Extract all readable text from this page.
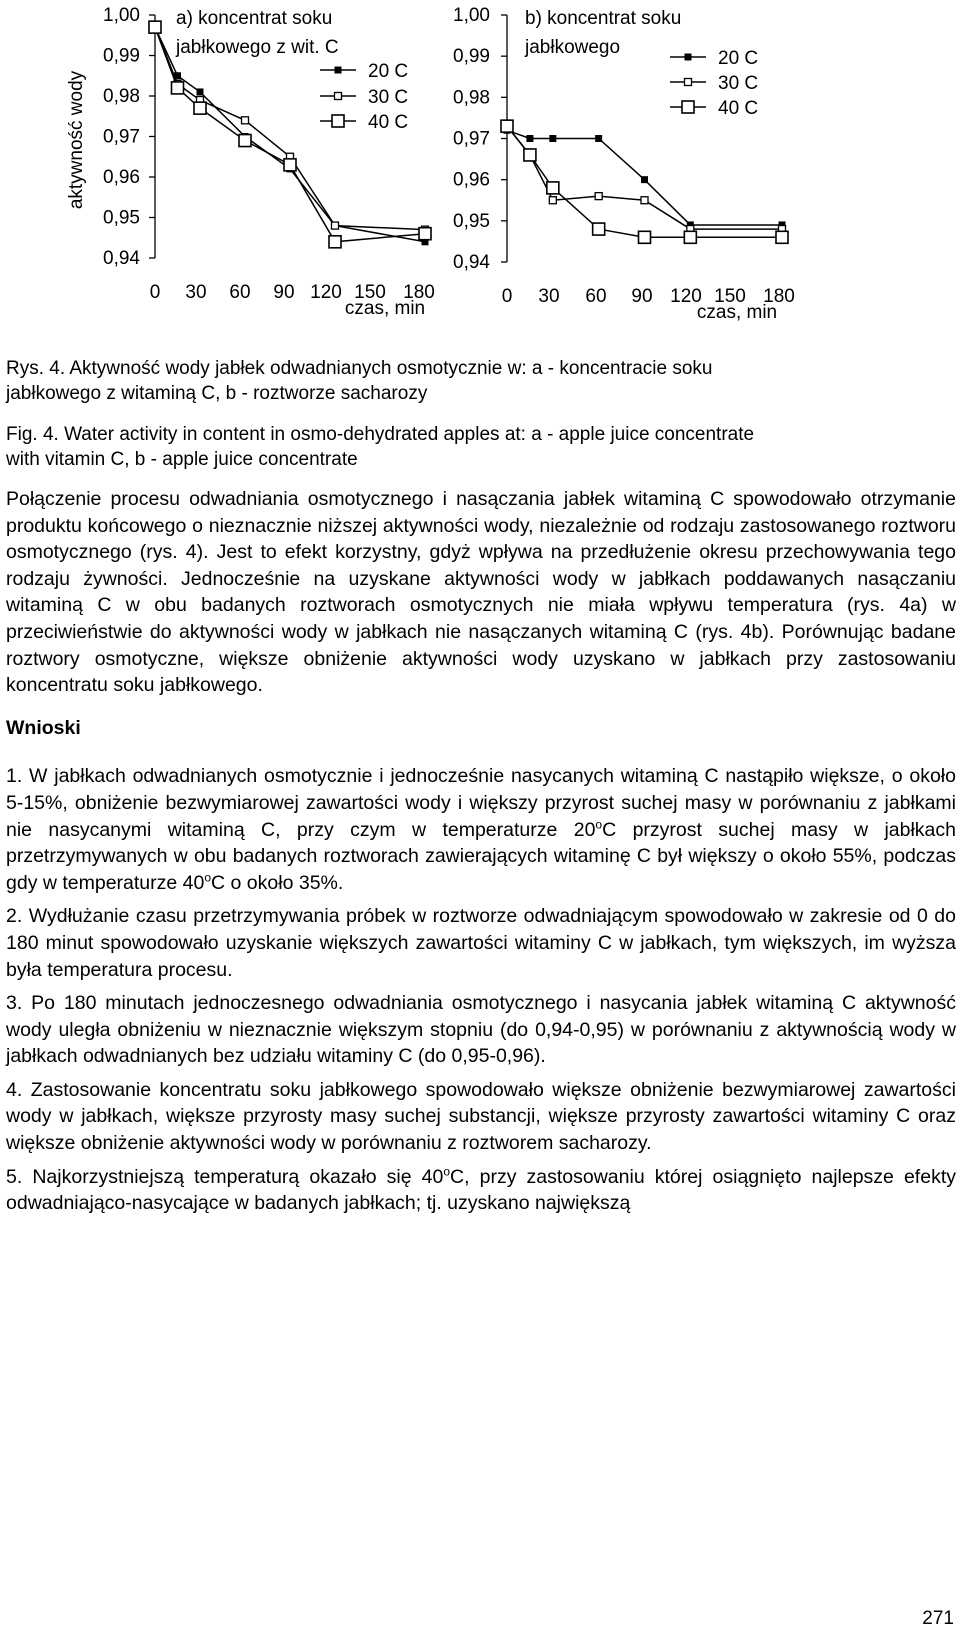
1,00
0,99
0,98
0,97
0,96
0,95
0,94
0 30 60 90 120 150 180
czas, min
aktywność wody
a) koncentrat soku
jabłkowego z wit. C
20 C
30 C
40 C
1,00
0,99
0,98
0,97
0,96
0,95
0,94
0 30 60 90 120 150 180
czas, min
b) koncentrat soku
jabłkowego
20 C
30 C
40 C

Rys. 4. Aktywność wody jabłek odwadnianych osmotycznie w: a - koncentracie soku

jabłkowego z witaminą C, b - roztworze sacharozy

Fig. 4. Water activity in content in osmo-dehydrated apples at: a - apple juice concentrate

with vitamin C, b - apple juice concentrate

Połączenie procesu odwadniania osmotycznego i nasączania jabłek witaminą C spowodowało otrzymanie produktu końcowego o nieznacznie niższej aktywności wody, niezależnie od rodzaju zastosowanego roztworu osmotycznego (rys. 4). Jest to efekt korzystny, gdyż wpływa na przedłużenie okresu przechowywania tego rodzaju żywności. Jednocześnie na uzyskane aktywności wody w jabłkach poddawanych nasączaniu witaminą C w obu badanych roztworach osmotycznych nie miała wpływu temperatura (rys. 4a) w przeciwieństwie do aktywności wody w jabłkach nie nasączanych witaminą C (rys. 4b). Porównując badane roztwory osmotyczne, większe obniżenie aktywności wody uzyskano w jabłkach przy zastosowaniu koncentratu soku jabłkowego.

Wnioski

1. W jabłkach odwadnianych osmotycznie i jednocześnie nasycanych witaminą C nastąpiło większe, o około 5-15%, obniżenie bezwymiarowej zawartości wody i większy przyrost suchej masy w porównaniu z jabłkami nie nasycanymi witaminą C, przy czym w temperaturze 20$^o$C przyrost suchej masy w jabłkach przetrzymywanych w obu badanych roztworach zawierających witaminę C był większy o około 55%, podczas gdy w temperaturze 40$^o$C o około 35%.

2. Wydłużanie czasu przetrzymywania próbek w roztworze odwadniającym spowodowało w zakresie od 0 do 180 minut spowodowało uzyskanie większych zawartości witaminy C w jabłkach, tym większych, im wyższa była temperatura procesu.

3. Po 180 minutach jednoczesnego odwadniania osmotycznego i nasycania jabłek witaminą C aktywność wody uległa obniżeniu w nieznacznie większym stopniu (do 0,94-0,95) w porównaniu z aktywnością wody w jabłkach odwadnianych bez udziału witaminy C (do 0,95-0,96).

4. Zastosowanie koncentratu soku jabłkowego spowodowało większe obniżenie bezwymiarowej zawartości wody w jabłkach, większe przyrosty masy suchej substancji, większe przyrosty zawartości witaminy C oraz większe obniżenie aktywności wody w porównaniu z roztworem sacharozy.

5. Najkorzystniejszą temperaturą okazało się 40$^o$C, przy zastosowaniu której osiągnięto najlepsze efekty odwadniająco-nasycające w badanych jabłkach; tj. uzyskano największą

271
